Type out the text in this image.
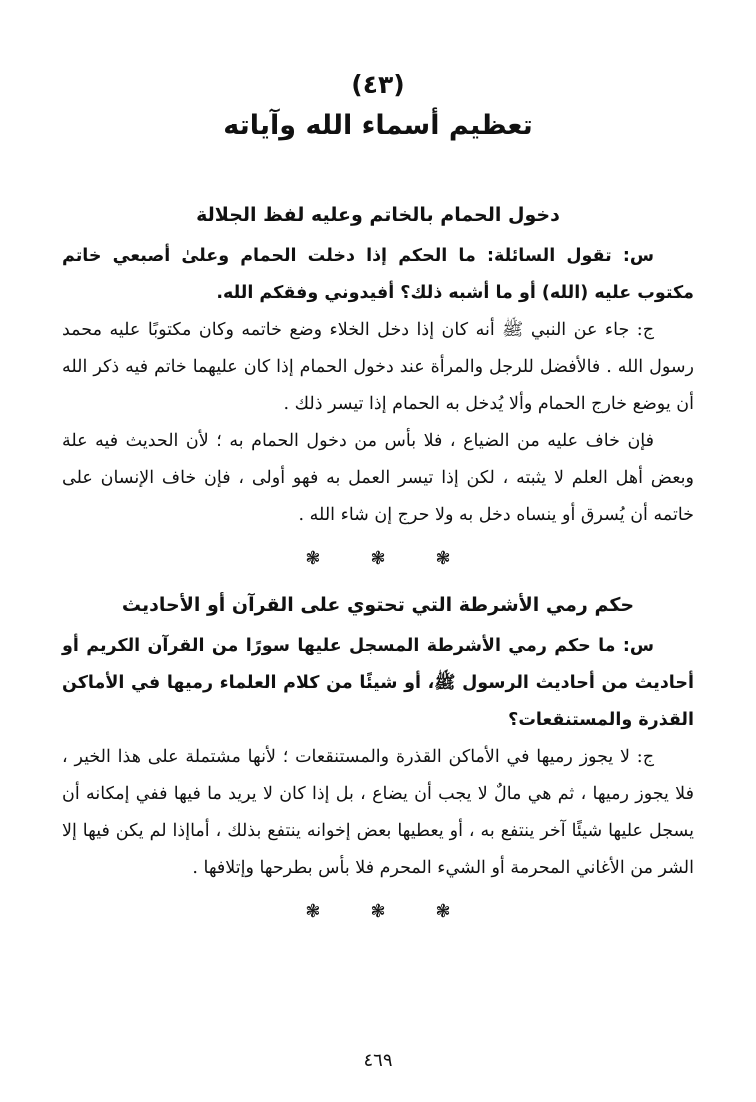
(٤٣)

تعظيم أسماء الله وآياته
دخول الحمام بالخاتم وعليه لفظ الجلالة

س: تقول السائلة: ما الحكم إذا دخلت الحمام وعلىٰ أصبعي خاتم مكتوب عليه (الله) أو ما أشبه ذلك؟ أفيدوني وفقكم الله.

ج: جاء عن النبي ﷺ أنه كان إذا دخل الخلاء وضع خاتمه وكان مكتوبًا عليه محمد رسول الله . فالأفضل للرجل والمرأة عند دخول الحمام إذا كان عليهما خاتم فيه ذكر الله أن يوضع خارج الحمام وألا يُدخل به الحمام إذا تيسر ذلك .

فإن خاف عليه من الضياع ، فلا بأس من دخول الحمام به ؛ لأن الحديث فيه علة وبعض أهل العلم لا يثبته ، لكن إذا تيسر العمل به فهو أولى ، فإن خاف الإنسان على خاتمه أن يُسرق أو ينساه دخل به ولا حرج إن شاء الله .

❃
❃
❃
حكم رمي الأشرطة التي تحتوي على القرآن أو الأحاديث

س: ما حكم رمي الأشرطة المسجل عليها سورًا من القرآن الكريم أو أحاديث من أحاديث الرسول ﷺ، أو شيئًا من كلام العلماء رميها في الأماكن القذرة والمستنقعات؟

ج: لا يجوز رميها في الأماكن القذرة والمستنقعات ؛ لأنها مشتملة على هذا الخير ، فلا يجوز رميها ، ثم هي مالٌ لا يجب أن يضاع ، بل إذا كان لا يريد ما فيها ففي إمكانه أن يسجل عليها شيئًا آخر ينتفع به ، أو يعطيها بعض إخوانه ينتفع بذلك ، أماإذا لم يكن فيها إلا الشر من الأغاني المحرمة أو الشيء المحرم فلا بأس بطرحها وإتلافها .

❃
❃
❃
٤٦٩
